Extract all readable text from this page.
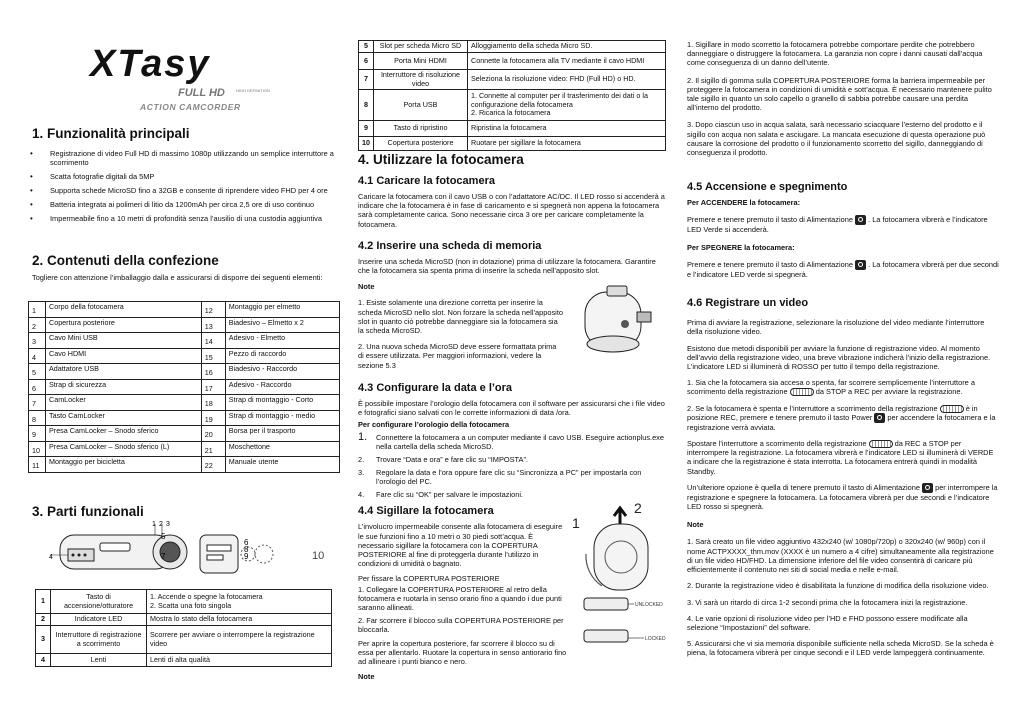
XTasy
FULL HD	HIGH DEFINITION
ACTION CAMCORDER
1. Funzionalità principali
• Registrazione di video Full HD di massimo 1080p utilizzando un semplice interruttore a scorrimento
• Scatta fotografie digitali da 5MP
• Supporta schede MicroSD fino a 32GB e consente di riprendere video FHD per 4 ore
• Batteria integrata ai polimeri di litio da 1200mAh per circa 2,5 ore di uso continuo
• Impermeabile fino a 10 metri di profondità senza l’ausilio di una custodia aggiuntiva
2. Contenuti della confezione
Togliere con attenzione l’imballaggio dalla e assicurarsi di disporre dei seguenti elementi:
1	Corpo della fotocamera	12	Montaggio per elmetto
2	Copertura posteriore	13	Biadesivo – Elmetto x 2
3	Cavo Mini USB	14	Adesivo - Elmetto
4	Cavo HDMI	15	Pezzo di raccordo
5	Adattatore USB	16	Biadesivo - Raccordo
6	Strap di sicurezza	17	Adesivo - Raccordo
7	CamLocker	18	Strap di montaggio - Corto
8	Tasto CamLocker	19	Strap di montaggio - medio
9	Presa CamLocker – Snodo sferico	20	Borsa per il trasporto
10	Presa CamLocker – Snodo sferico (L)	21	Moschettone
11	Montaggio per bicicletta	22	Manuale utente
3. Parti funzionali
4
1 2 3
5
7
6
8
9	10
1	Tasto di accensione/otturatore	1. Accende o spegne la fotocamera
2. Scatta una foto singola
2	Indicatore LED	Mostra lo stato della fotocamera
3	Interruttore di registrazione a scorrimento	Scorrere per avviare o interrompere la registrazione video
4	Lenti	Lenti di alta qualità
5	Slot per scheda Micro SD	Alloggiamento della scheda Micro SD.
6	Porta Mini HDMI	Connette la fotocamera alla TV mediante il cavo HDMI
7	Interruttore di risoluzione video	Seleziona la risoluzione video: FHD (Full HD) o HD.
8	Porta USB	1. Connette al computer per il trasferimento dei dati o la configurazione della fotocamera
2. Ricarica la fotocamera
9	Tasto di ripristino	Ripristina la fotocamera
10	Copertura posteriore	Ruotare per sigillare la fotocamera
4. Utilizzare la fotocamera
4.1 Caricare la fotocamera
Caricare la fotocamera con il cavo USB o con l’adattatore AC/DC. Il LED rosso si accenderà a indicare che la fotocamera è in fase di caricamento e si spegnerà non appena la fotocamera sarà completamente carica. Sono necessarie circa 3 ore per caricare completamente la fotocamera.
4.2 Inserire una scheda di memoria
Inserire una scheda MicroSD (non in dotazione) prima di utilizzare la fotocamera. Garantire che la fotocamera sia spenta prima di inserire la scheda nell’apposito slot.
Note
1. Esiste solamente una direzione corretta per inserire la scheda MicroSD nello slot. Non forzare la scheda nell’apposito slot in quanto ciò potrebbe danneggiare sia la fotocamera sia la scheda MicroSD.
2. Una nuova scheda MicroSD deve essere formattata prima di essere utilizzata. Per maggiori informazioni, vedere la sezione 5.3
4.3 Configurare la data e l’ora
È possibile impostare l’orologio della fotocamera con il software per assicurarsi che i file video e fotografici siano salvati con le corrette informazioni di data /ora.
Per configurare l’orologio della fotocamera
1. Connettere la fotocamera a un computer mediante il cavo USB. Eseguire actionplus.exe nella cartella della scheda MicroSD.
2. Trovare “Data e ora” e fare clic su “IMPOSTA”.
3. Regolare la data e l’ora oppure fare clic su “Sincronizza a PC” per impostarla con l’orologio del PC.
4. Fare clic su “OK” per salvare le impostazioni.
4.4 Sigillare la fotocamera
L’involucro impermeabile consente alla fotocamera di eseguire le sue funzioni fino a 10 metri o 30 piedi sott’acqua. È necessario sigillare la fotocamera con la COPERTURA POSTERIORE al fine di proteggerla durante l’utilizzo in condizioni di umidità o bagnato.
Per fissare la COPERTURA POSTERIORE
1. Collegare la COPERTURA POSTERIORE al retro della fotocamera e ruotarla in senso orario fino a quando i due punti saranno allineati.
2. Far scorrere il blocco sulla COPERTURA POSTERIORE per bloccarla.
Per aprire la copertura posteriore, far scorrere il blocco su di essa per allentarlo. Ruotare la copertura in senso antiorario fino ad allineare i punti bianco e nero.
Note
1
2
UNLOCKED
LOCKED
1. Sigillare in modo scorretto la fotocamera potrebbe comportare perdite che potrebbero danneggiare o distruggere la fotocamera. La garanzia non copre i danni causati dall’acqua come conseguenza di un danno dell’utente.
2. Il sigillo di gomma sulla COPERTURA POSTERIORE forma la barriera impermeabile per proteggere la fotocamera in condizioni di umidità e sott’acqua. È necessario mantenere pulito tale sigillo in quanto un solo capello o granello di sabbia potrebbe causare una perdita all’interno del prodotto.
3. Dopo ciascun uso in acqua salata, sarà necessario sciacquare l’esterno del prodotto e il sigillo con acqua non salata e asciugare. La mancata esecuzione di questa operazione può causare la corrosione del prodotto o il funzionamento scorretto del sigillo, danneggiando di conseguenza il prodotto.
4.5 Accensione e spegnimento
Per ACCENDERE la fotocamera:
Premere e tenere premuto il tasto di Alimentazione . La fotocamera vibrerà e l’indicatore LED Verde si accenderà.
Per SPEGNERE la fotocamera:
Premere e tenere premuto il tasto di Alimentazione . La fotocamera vibrerà per due secondi e l’indicatore LED verde si spegnerà.
4.6 Registrare un video
Prima di avviare la registrazione, selezionare la risoluzione del video mediante l’interruttore della risoluzione video.
Esistono due metodi disponibili per avviare la funzione di registrazione video. Al momento dell’avvio della registrazione video, una breve vibrazione indicherà l’inizio della registrazione. L’indicatore LED si illuminerà di ROSSO per tutto il tempo della registrazione.
1. Sia che la fotocamera sia accesa o spenta, far scorrere semplicemente l’interruttore a scorrimento della registrazione	da STOP a REC per avviare la registrazione.
2. Se la fotocamera è spenta e l’interruttore a scorrimento della registrazione	è in posizione REC, premere e tenere premuto il tasto Power per accendere la fotocamera e la registrazione verrà avviata.
Spostare l’interruttore a scorrimento della registrazione	da REC a STOP per interrompere la registrazione. La fotocamera vibrerà e l’indicatore LED si illuminerà di VERDE a indicare che la registrazione è stata interrotta. La fotocamera entrerà quindi in modalità Standby.
Un’ulteriore opzione è quella di tenere premuto il tasto di Alimentazione per interrompere la registrazione e spegnere la fotocamera. La fotocamera vibrerà per due secondi e l’indicatore LED rosso si spegnerà.
Note
1. Sarà creato un file video aggiuntivo 432x240 (w/ 1080p/720p) o 320x240 (w/ 960p) con il nome ACTPXXXX_thm.mov (XXXX è un numero a 4 cifre) simultaneamente alla registrazione di un file video HD/FHD. La dimensione inferiore del file video consentirà di caricare più efficientemente il contenuto nei siti di social media e nelle e-mail.
2. Durante la registrazione video è disabilitata la funzione di modifica della risoluzione video.
3. Vi sarà un ritardo di circa 1-2 secondi prima che la fotocamera inizi la registrazione.
4. Le varie opzioni di risoluzione video per l’HD e FHD possono essere modificate alla selezione “Impostazioni” del software.
5. Assicurarsi che vi sia memoria disponibile sufficiente nella scheda MicroSD. Se la scheda è piena, la fotocamera vibrerà per cinque secondi e il LED verde lampeggerà continuamente.
